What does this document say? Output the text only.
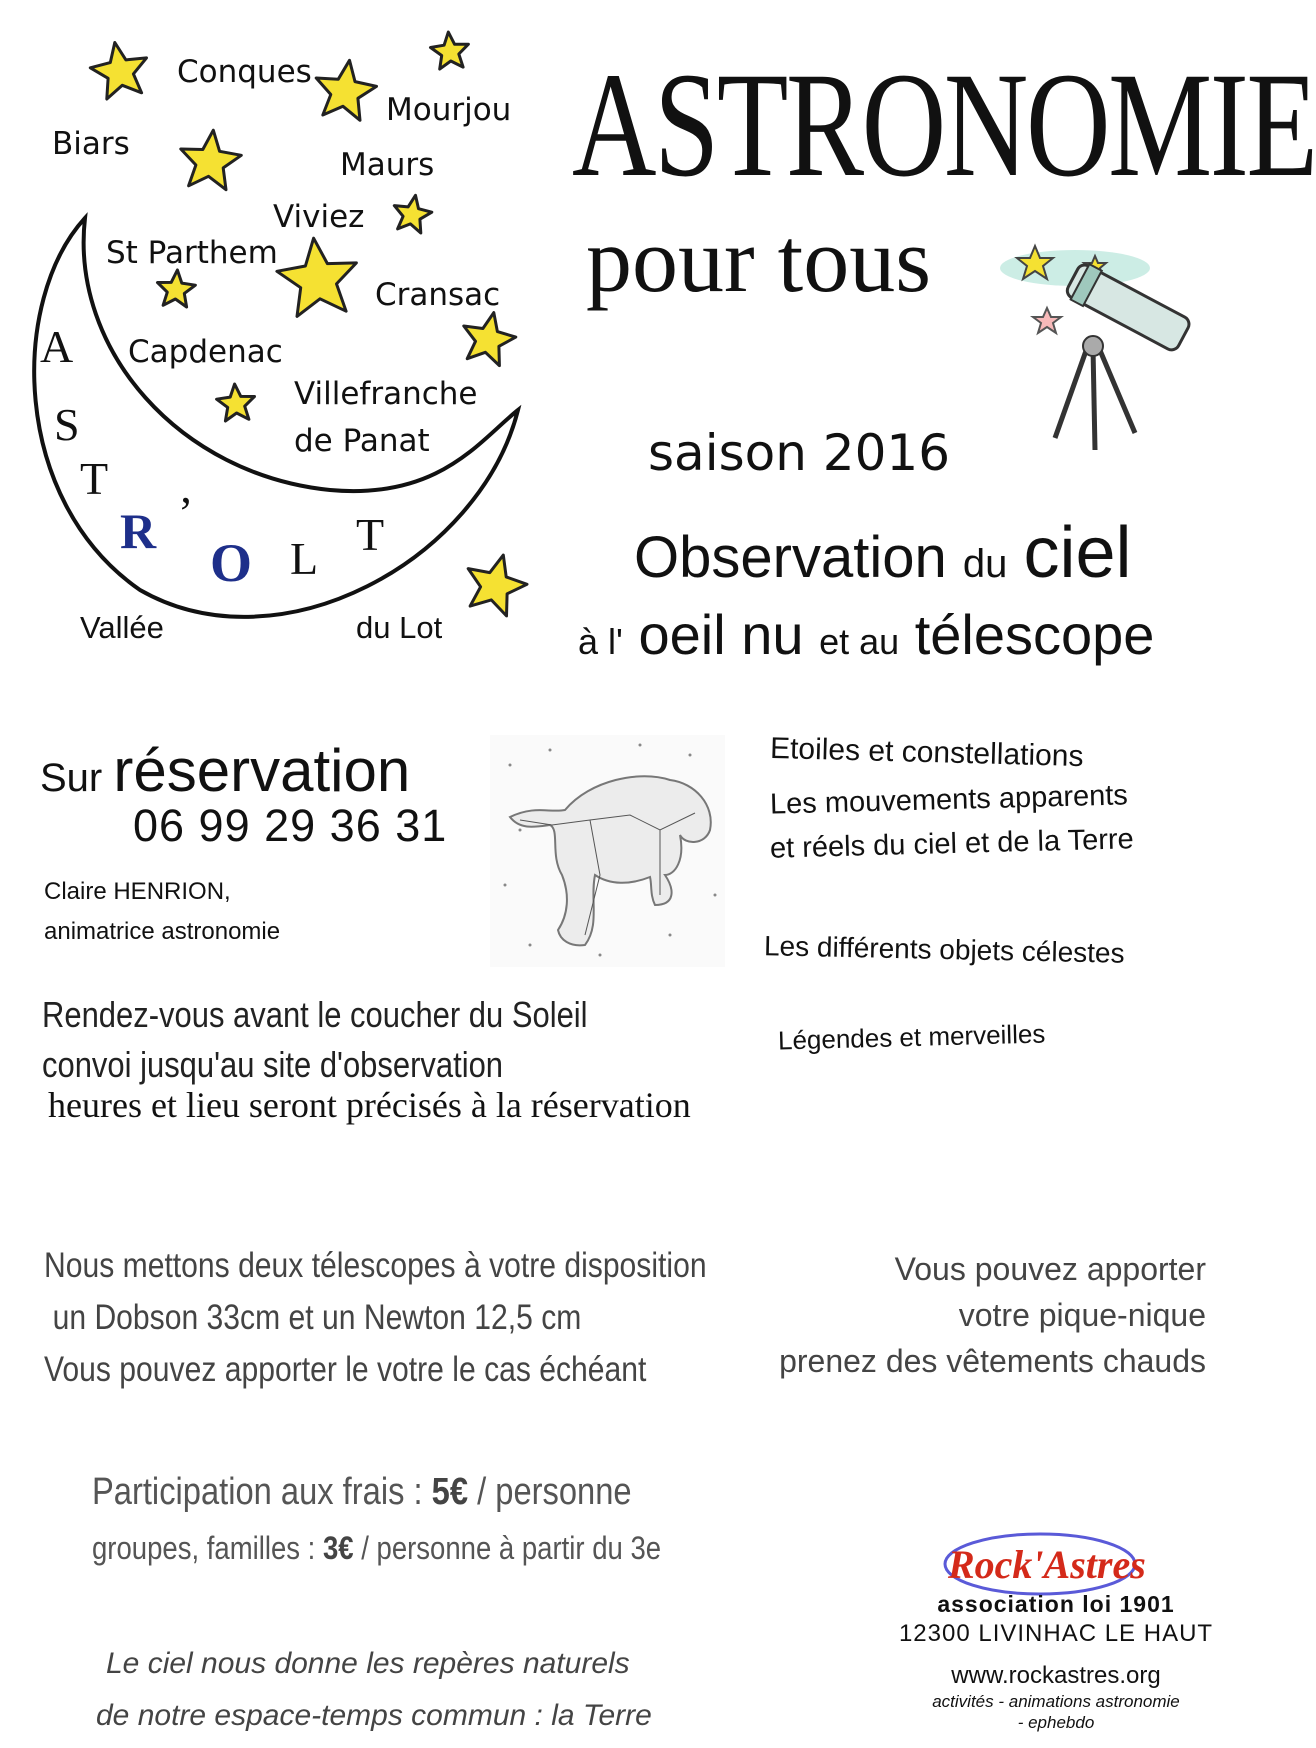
Conques
Mourjou
Biars
Maurs
Viviez
St Parthem
Cransac
Capdenac
Villefranche
de Panat
Vallée	du Lot
A
S
T
R ’
O L T
ASTRONOMIE
pour tous
saison 2016
Observation du ciel
à l' oeil nu et au télescope
Sur réservation
06 99 29 36 31
Claire HENRION,
animatrice astronomie
Etoiles et constellations
Les mouvements apparents
et réels du ciel et de la Terre
Les différents objets célestes
Légendes et merveilles
Rendez-vous avant le coucher du Soleil
convoi jusqu'au site d'observation
heures et lieu seront précisés à la réservation
Nous mettons deux télescopes à votre disposition
un Dobson 33cm et un Newton 12,5 cm
Vous pouvez apporter le votre le cas échéant
Vous pouvez apporter
votre pique-nique
prenez des vêtements chauds
Participation aux frais : 5€ / personne
groupes, familles : 3€ / personne à partir du 3e
Le ciel nous donne les repères naturels
de notre espace-temps commun : la Terre
Rock'Astres
association loi 1901
12300 LIVINHAC LE HAUT
www.rockastres.org
activités - animations astronomie
- ephebdo
